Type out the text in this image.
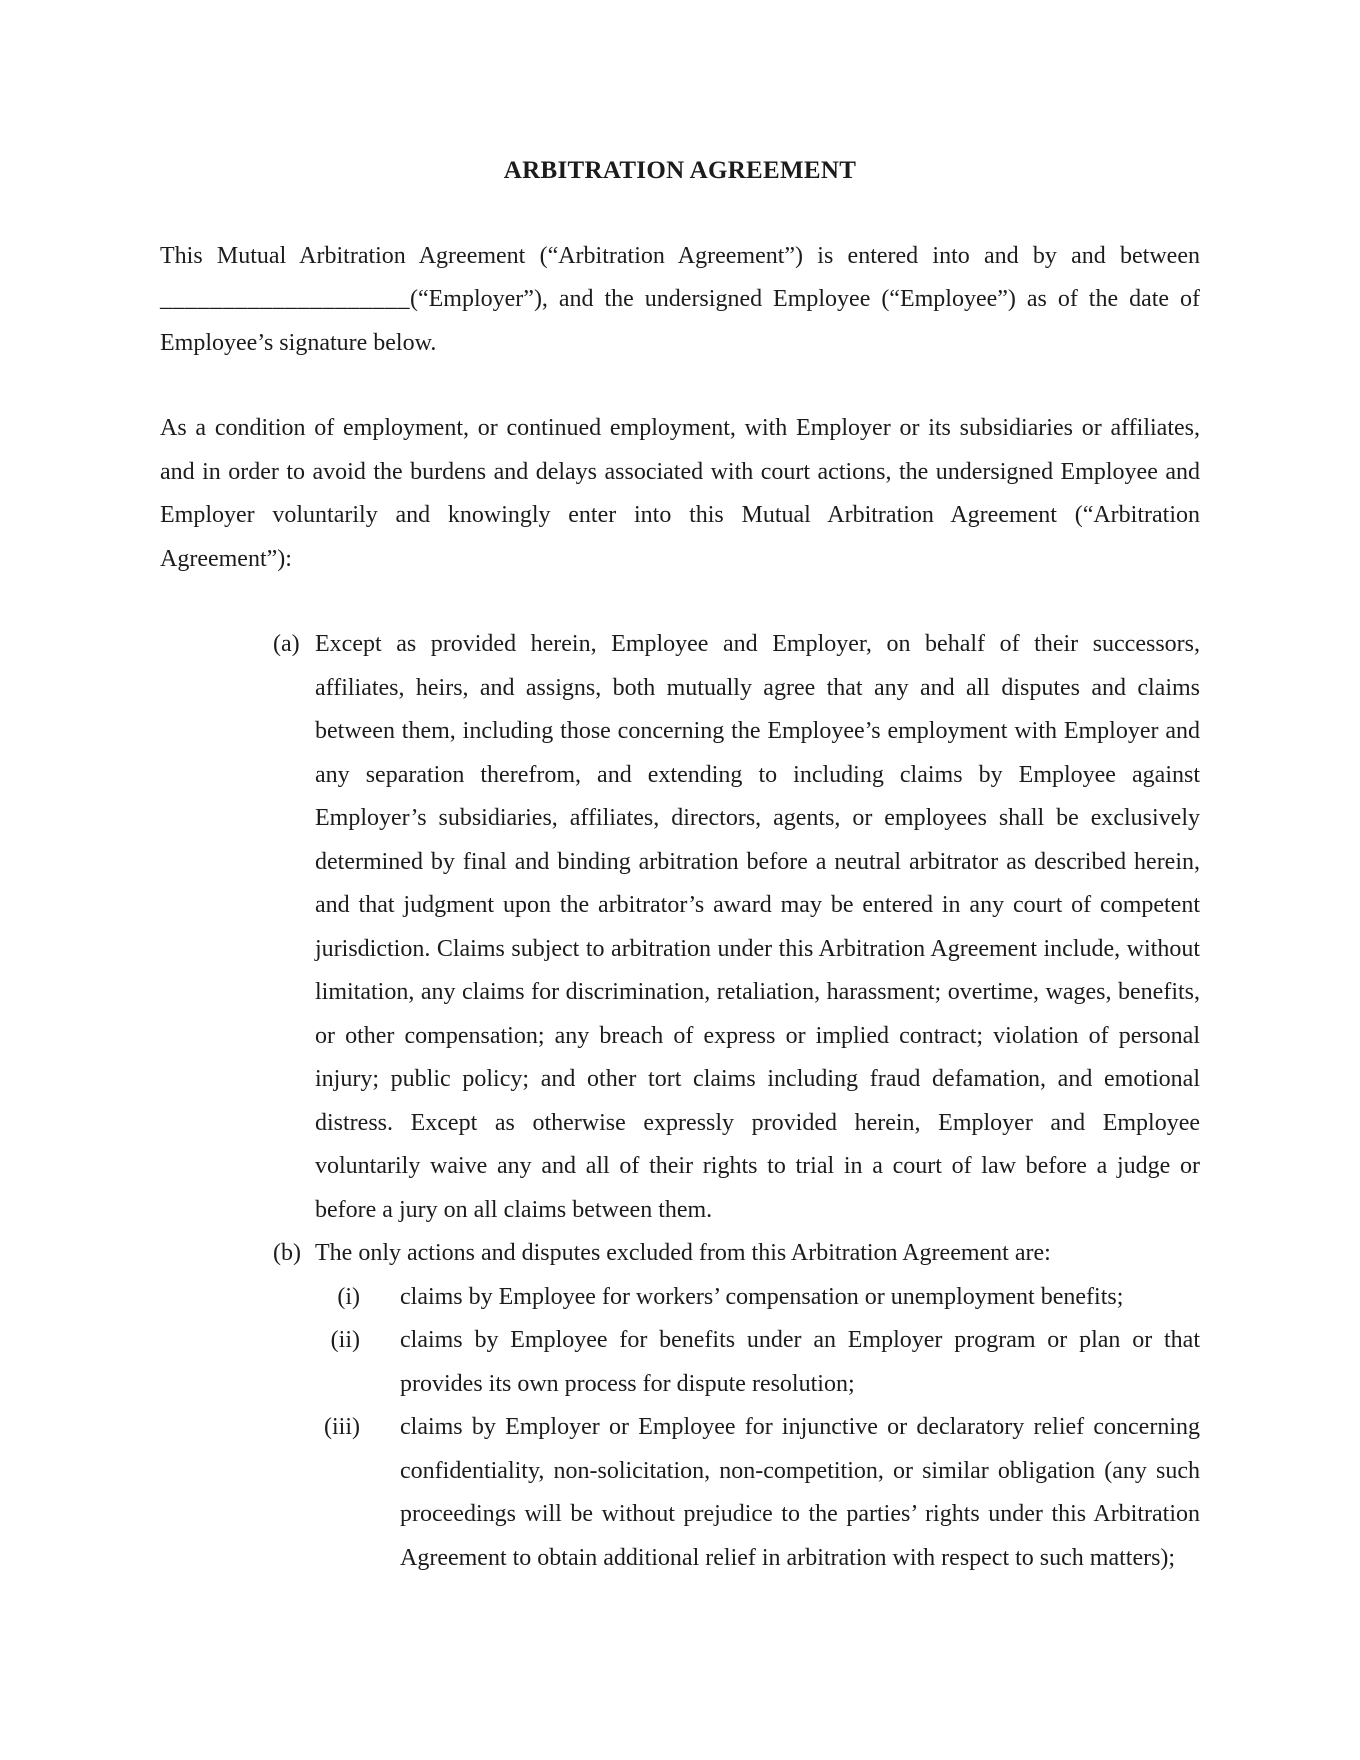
ARBITRATION AGREEMENT

This Mutual Arbitration Agreement (“Arbitration Agreement”) is entered into and by and between ____________________(“Employer”), and the undersigned Employee (“Employee”) as of the date of Employee’s signature below.

As a condition of employment, or continued employment, with Employer or its subsidiaries or affiliates, and in order to avoid the burdens and delays associated with court actions, the undersigned Employee and Employer voluntarily and knowingly enter into this Mutual Arbitration Agreement (“Arbitration Agreement”):

(a) Except as provided herein, Employee and Employer, on behalf of their successors, affiliates, heirs, and assigns, both mutually agree that any and all disputes and claims between them, including those concerning the Employee’s employment with Employer and any separation therefrom, and extending to including claims by Employee against Employer’s subsidiaries, affiliates, directors, agents, or employees shall be exclusively determined by final and binding arbitration before a neutral arbitrator as described herein, and that judgment upon the arbitrator’s award may be entered in any court of competent jurisdiction. Claims subject to arbitration under this Arbitration Agreement include, without limitation, any claims for discrimination, retaliation, harassment; overtime, wages, benefits, or other compensation; any breach of express or implied contract; violation of personal injury; public policy; and other tort claims including fraud defamation, and emotional distress. Except as otherwise expressly provided herein, Employer and Employee voluntarily waive any and all of their rights to trial in a court of law before a judge or before a jury on all claims between them.
(b) The only actions and disputes excluded from this Arbitration Agreement are:
(i) claims by Employee for workers’ compensation or unemployment benefits;
(ii) claims by Employee for benefits under an Employer program or plan or that provides its own process for dispute resolution;
(iii) claims by Employer or Employee for injunctive or declaratory relief concerning confidentiality, non-solicitation, non-competition, or similar obligation (any such proceedings will be without prejudice to the parties’ rights under this Arbitration Agreement to obtain additional relief in arbitration with respect to such matters);
